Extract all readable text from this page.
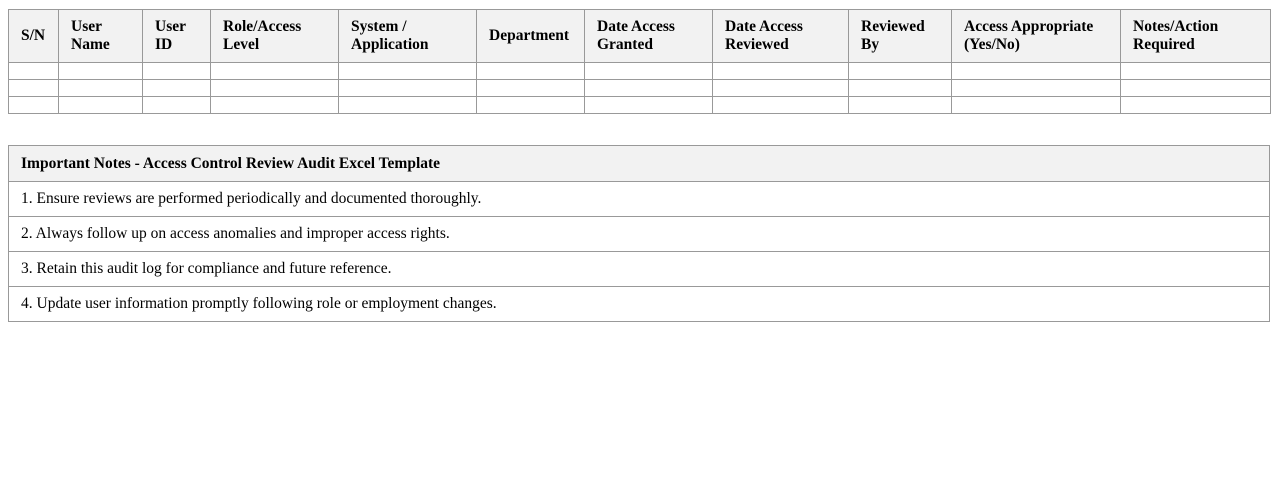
S/N	User Name	User ID	Role/Access Level	System / Application	Department	Date Access Granted	Date Access Reviewed	Reviewed By	Access Appropriate (Yes/No)	Notes/Action Required

Important Notes - Access Control Review Audit Excel Template
1. Ensure reviews are performed periodically and documented thoroughly.
2. Always follow up on access anomalies and improper access rights.
3. Retain this audit log for compliance and future reference.
4. Update user information promptly following role or employment changes.
